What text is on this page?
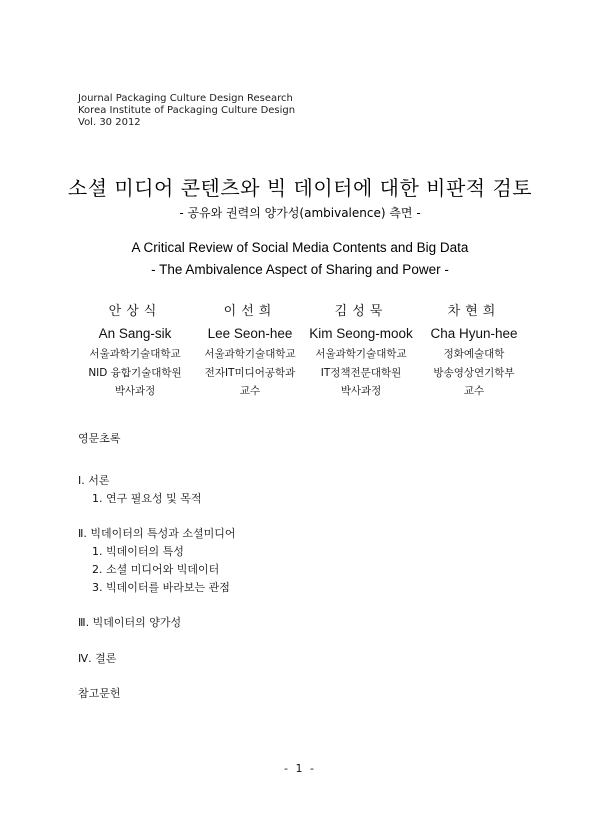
Journal Packaging Culture Design Research
Korea Institute of Packaging Culture Design
Vol. 30 2012
소셜 미디어 콘텐츠와 빅 데이터에 대한 비판적 검토
- 공유와 권력의 양가성(ambivalence) 측면 -
A Critical Review of Social Media Contents and Big Data
- The Ambivalence Aspect of Sharing and Power -
안상식
An Sang-sik
서울과학기술대학교
NID 융합기술대학원
박사과정
이선희
Lee Seon-hee
서울과학기술대학교
전자IT미디어공학과
교수
김성묵
Kim Seong-mook
서울과학기술대학교
IT정책전문대학원
박사과정
차현희
Cha Hyun-hee
정화예술대학
방송영상연기학부
교수
영문초록
Ⅰ. 서론
1. 연구 필요성 및 목적
Ⅱ. 빅데이터의 특성과 소셜미디어
1. 빅데이터의 특성
2. 소셜 미디어와 빅데이터
3. 빅데이터를 바라보는 관점
Ⅲ. 빅데이터의 양가성
Ⅳ. 결론
참고문헌
- 1 -
